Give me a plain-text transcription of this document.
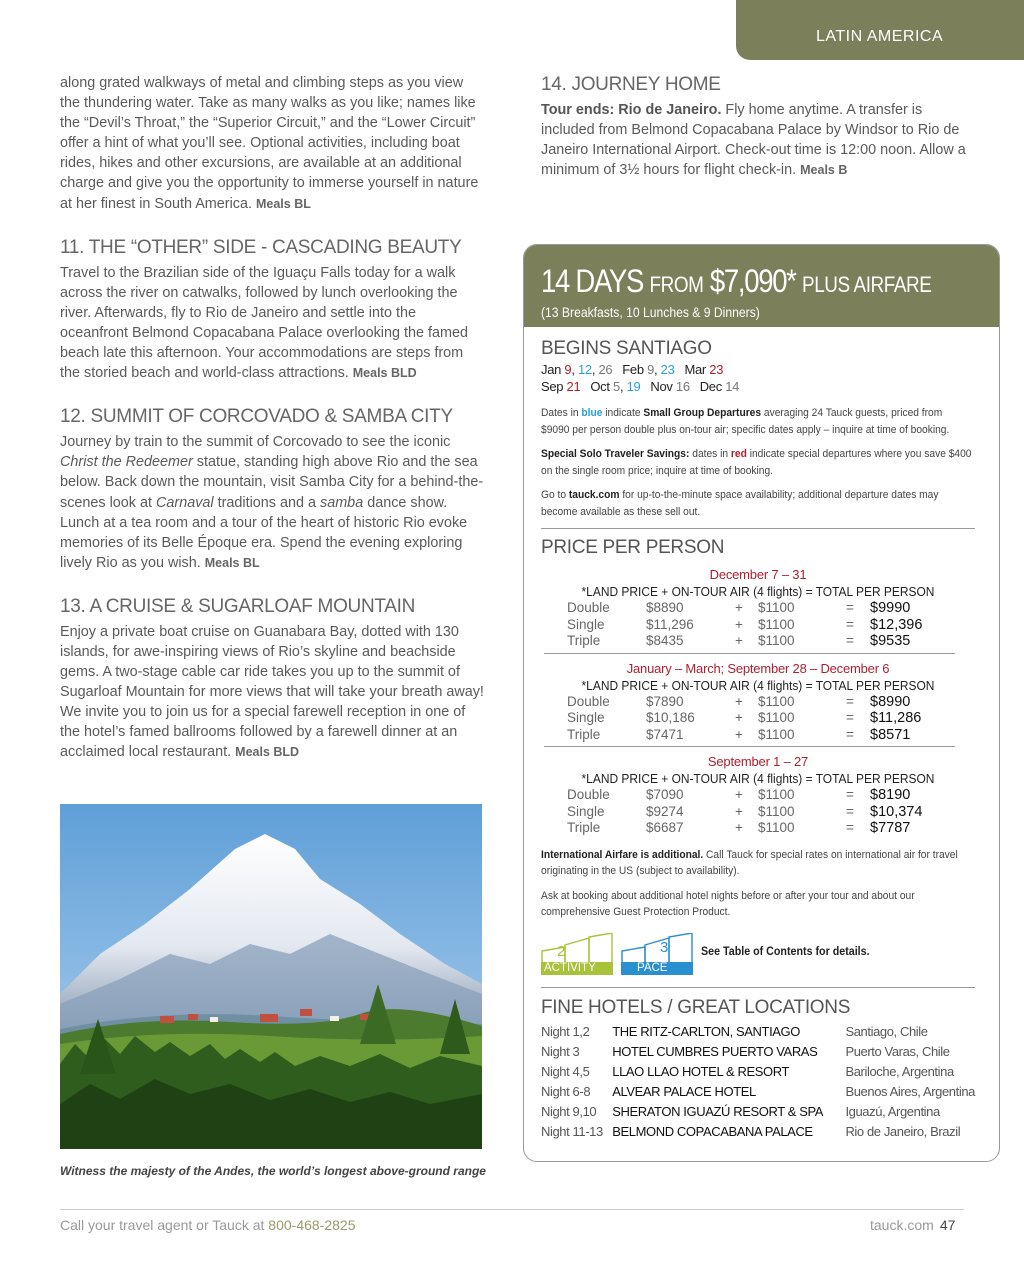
LATIN AMERICA

along grated walkways of metal and climbing steps as you view the thundering water. Take as many walks as you like; names like the “Devil’s Throat,” the “Superior Circuit,” and the “Lower Circuit” offer a hint of what you’ll see. Optional activities, including boat rides, hikes and other excursions, are available at an additional charge and give you the opportunity to immerse yourself in nature at her finest in South America. Meals BL

11. THE “OTHER” SIDE - CASCADING BEAUTY

Travel to the Brazilian side of the Iguaçu Falls today for a walk across the river on catwalks, followed by lunch overlooking the river. Afterwards, fly to Rio de Janeiro and settle into the oceanfront Belmond Copacabana Palace overlooking the famed beach late this afternoon. Your accommodations are steps from the storied beach and world-class attractions. Meals BLD

12. SUMMIT OF CORCOVADO & SAMBA CITY

Journey by train to the summit of Corcovado to see the iconic Christ the Redeemer statue, standing high above Rio and the sea below. Back down the mountain, visit Samba City for a behind-the-scenes look at Carnaval traditions and a samba dance show. Lunch at a tea room and a tour of the heart of historic Rio evoke memories of its Belle Époque era. Spend the evening exploring lively Rio as you wish. Meals BL

13. A CRUISE & SUGARLOAF MOUNTAIN

Enjoy a private boat cruise on Guanabara Bay, dotted with 130 islands, for awe-inspiring views of Rio’s skyline and beachside gems. A two-stage cable car ride takes you up to the summit of Sugarloaf Mountain for more views that will take your breath away! We invite you to join us for a special farewell reception in one of the hotel’s famed ballrooms followed by a farewell dinner at an acclaimed local restaurant. Meals BLD

Witness the majesty of the Andes, the world’s longest above-ground range
14. JOURNEY HOME

Tour ends: Rio de Janeiro. Fly home anytime. A transfer is included from Belmond Copacabana Palace by Windsor to Rio de Janeiro International Airport. Check-out time is 12:00 noon. Allow a minimum of 3½ hours for flight check-in. Meals B

14 DAYS FROM $7,090* PLUS AIRFARE
(13 Breakfasts, 10 Lunches & 9 Dinners)
BEGINS SANTIAGO
Jan 9, 12, 26 Feb 9, 23 Mar 23
Sep 21 Oct 5, 19 Nov 16 Dec 14

Dates in blue indicate Small Group Departures averaging 24 Tauck guests, priced from $9090 per person double plus on-tour air; specific dates apply – inquire at time of booking.

Special Solo Traveler Savings: dates in red indicate special departures where you save $400 on the single room price; inquire at time of booking.

Go to tauck.com for up-to-the-minute space availability; additional departure dates may become available as these sell out.

PRICE PER PERSON
December 7 – 31
*LAND PRICE + ON-TOUR AIR (4 flights) = TOTAL PER PERSON
Double	$8890	+	$1100	=	$9990
Single	$11,296	+	$1100	=	$12,396
Triple	$8435	+	$1100	=	$9535
January – March; September 28 – December 6
*LAND PRICE + ON-TOUR AIR (4 flights) = TOTAL PER PERSON
Double	$7890	+	$1100	=	$8990
Single	$10,186	+	$1100	=	$11,286
Triple	$7471	+	$1100	=	$8571
September 1 – 27
*LAND PRICE + ON-TOUR AIR (4 flights) = TOTAL PER PERSON
Double	$7090	+	$1100	=	$8190
Single	$9274	+	$1100	=	$10,374
Triple	$6687	+	$1100	=	$7787

International Airfare is additional. Call Tauck for special rates on international air for travel originating in the US (subject to availability).

Ask at booking about additional hotel nights before or after your tour and about our comprehensive Guest Protection Product.

2
ACTIVITY
3
PACE
See Table of Contents for details.
FINE HOTELS / GREAT LOCATIONS
Night 1,2	THE RITZ-CARLTON, SANTIAGO	Santiago, Chile
Night 3	HOTEL CUMBRES PUERTO VARAS	Puerto Varas, Chile
Night 4,5	LLAO LLAO HOTEL & RESORT	Bariloche, Argentina
Night 6-8	ALVEAR PALACE HOTEL	Buenos Aires, Argentina
Night 9,10	SHERATON IGUAZÚ RESORT & SPA	Iguazú, Argentina
Night 11-13	BELMOND COPACABANA PALACE	Rio de Janeiro, Brazil
Call your travel agent or Tauck at 800-468-2825	tauck.com 47
